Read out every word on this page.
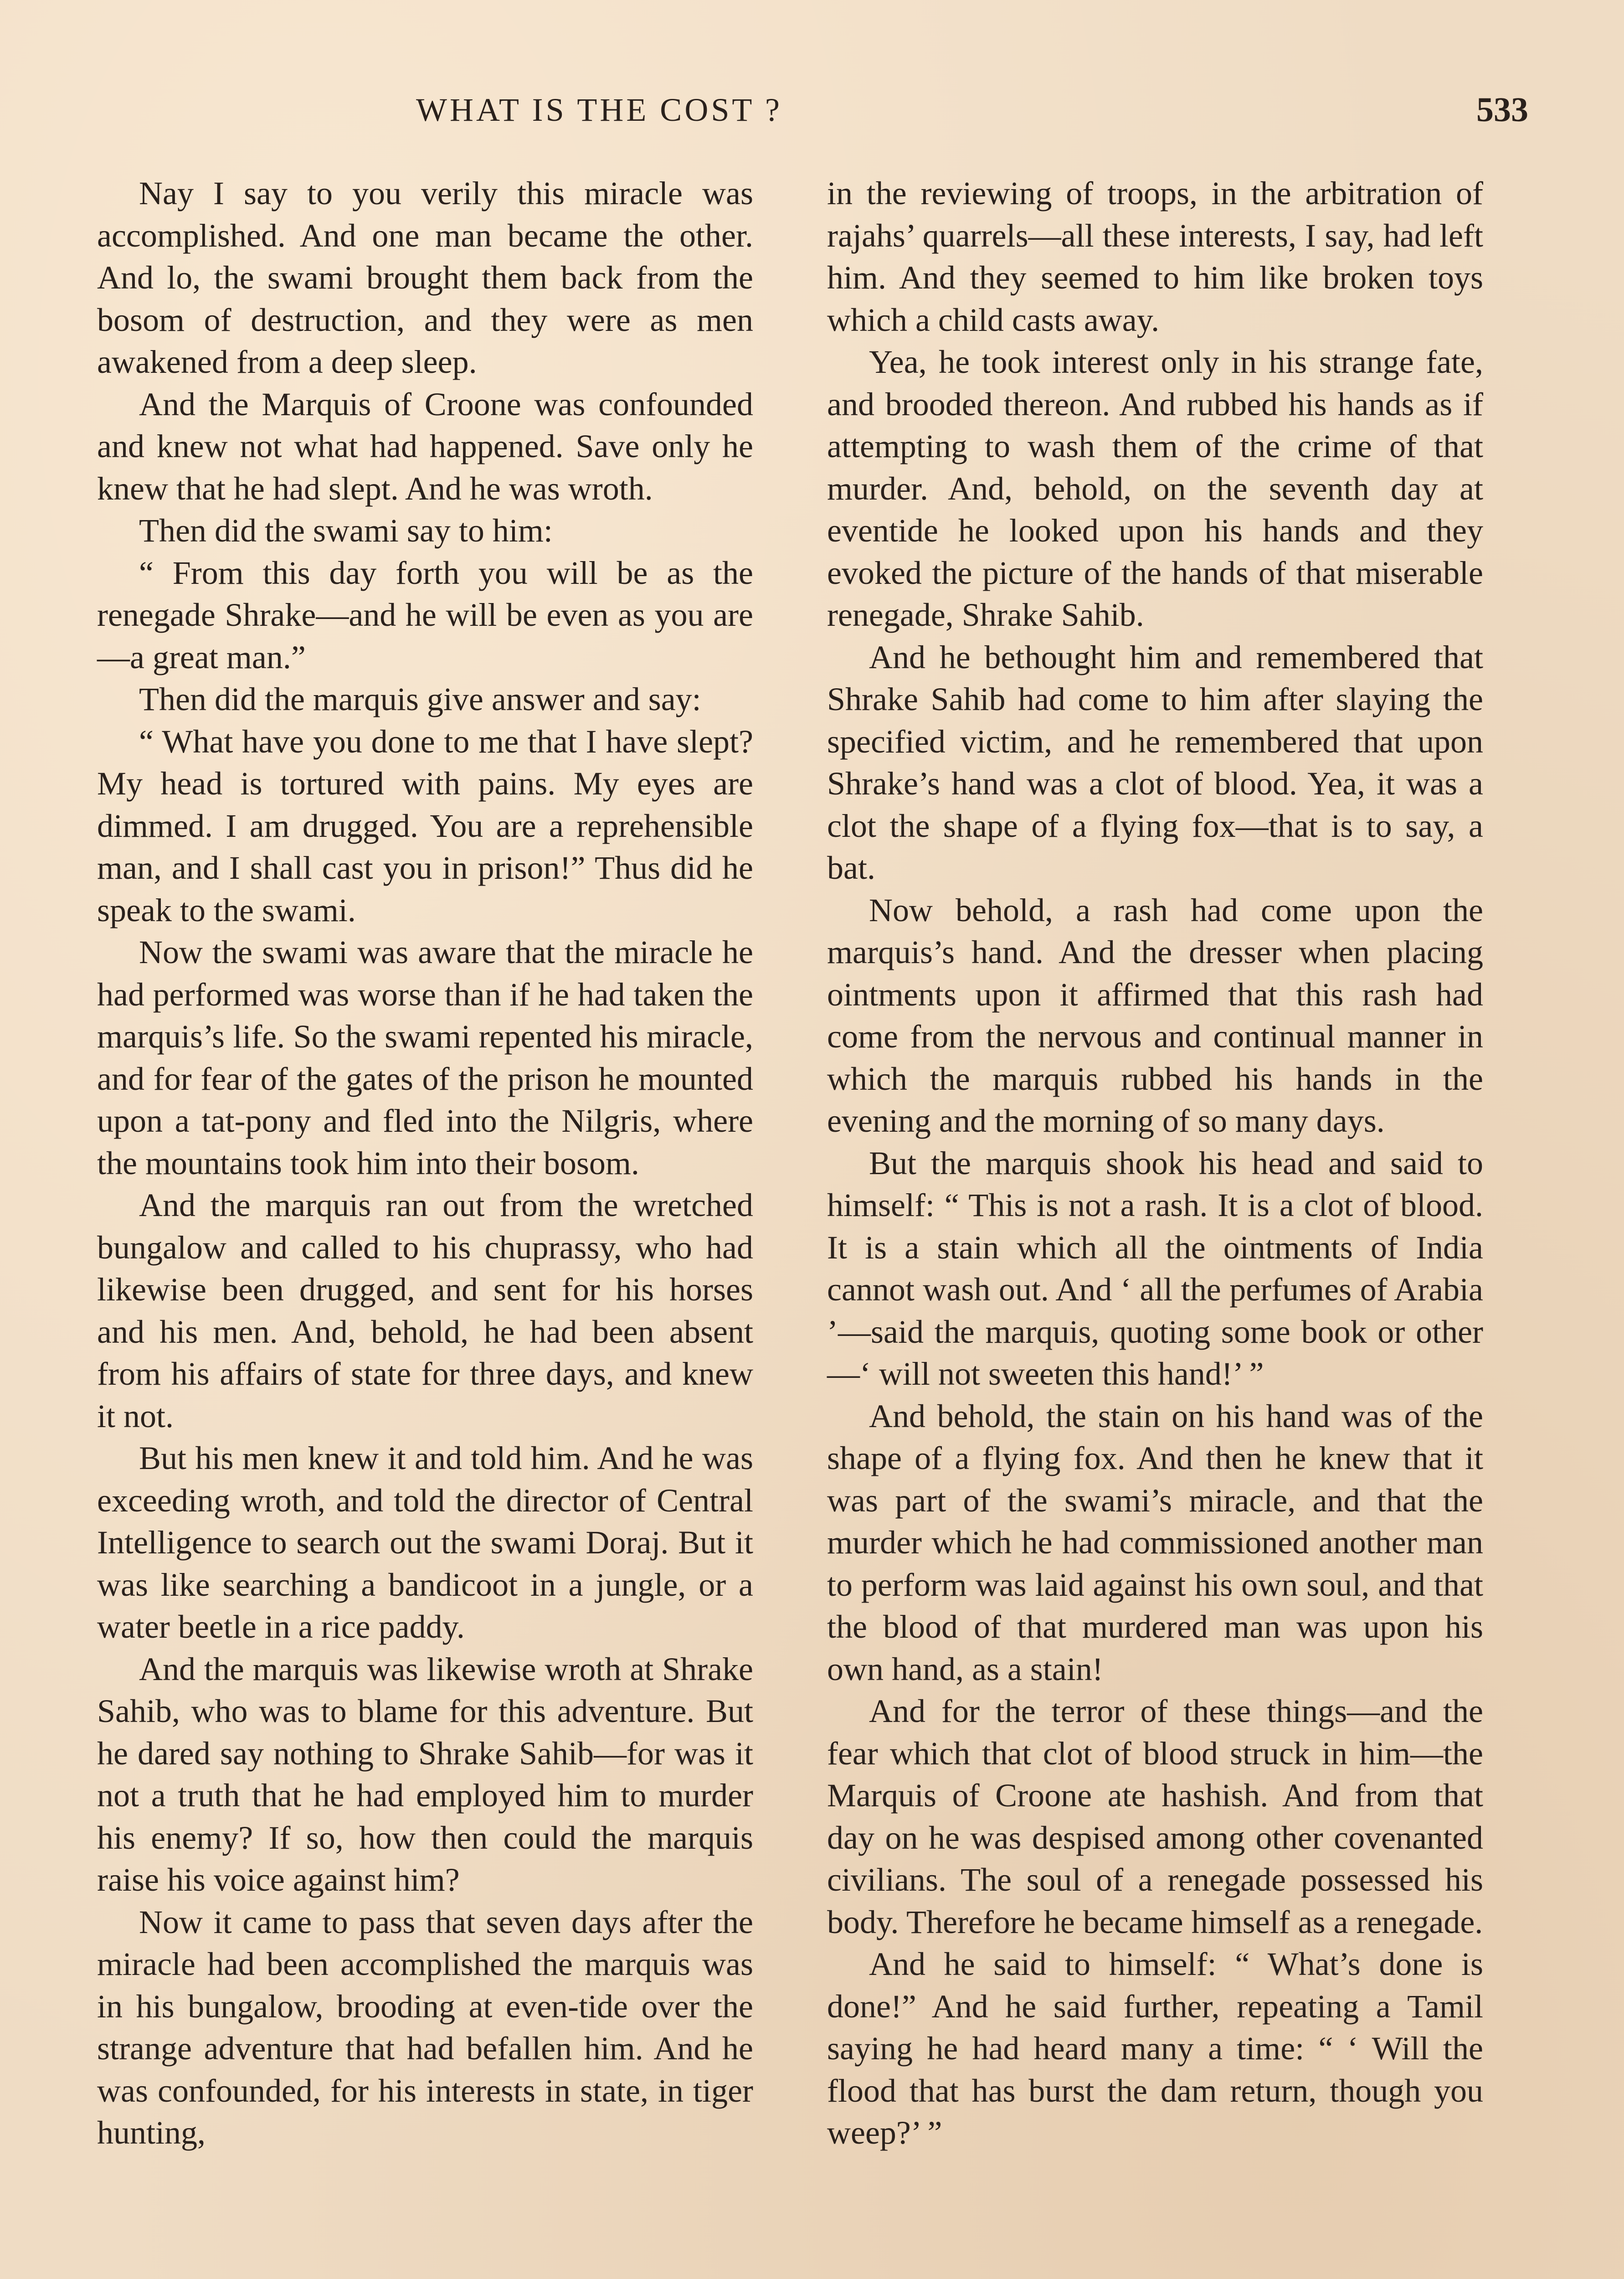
WHAT IS THE COST ?	533

Nay I say to you verily this miracle was accomplished. And one man became the other. And lo, the swami brought them back from the bosom of destruction, and they were as men awakened from a deep sleep.

And the Marquis of Croone was confounded and knew not what had happened. Save only he knew that he had slept. And he was wroth.

Then did the swami say to him:

“ From this day forth you will be as the renegade Shrake—and he will be even as you are—a great man.”

Then did the marquis give answer and say:

“ What have you done to me that I have slept? My head is tortured with pains. My eyes are dimmed. I am drugged. You are a reprehensible man, and I shall cast you in prison!” Thus did he speak to the swami.

Now the swami was aware that the miracle he had performed was worse than if he had taken the marquis’s life. So the swami repented his miracle, and for fear of the gates of the prison he mounted upon a tat-pony and fled into the Nilgris, where the mountains took him into their bosom.

And the marquis ran out from the wretched bungalow and called to his chuprassy, who had likewise been drugged, and sent for his horses and his men. And, behold, he had been absent from his affairs of state for three days, and knew it not.

But his men knew it and told him. And he was exceeding wroth, and told the director of Central Intelligence to search out the swami Doraj. But it was like searching a bandicoot in a jungle, or a water beetle in a rice paddy.

And the marquis was likewise wroth at Shrake Sahib, who was to blame for this adventure. But he dared say nothing to Shrake Sahib—for was it not a truth that he had employed him to murder his enemy? If so, how then could the marquis raise his voice against him?

Now it came to pass that seven days after the miracle had been accomplished the marquis was in his bungalow, brooding at even-tide over the strange adventure that had befallen him. And he was confounded, for his interests in state, in tiger hunting,

in the reviewing of troops, in the arbitration of rajahs’ quarrels—all these interests, I say, had left him. And they seemed to him like broken toys which a child casts away.

Yea, he took interest only in his strange fate, and brooded thereon. And rubbed his hands as if attempting to wash them of the crime of that murder. And, behold, on the seventh day at eventide he looked upon his hands and they evoked the picture of the hands of that miserable renegade, Shrake Sahib.

And he bethought him and remembered that Shrake Sahib had come to him after slaying the specified victim, and he remembered that upon Shrake’s hand was a clot of blood. Yea, it was a clot the shape of a flying fox—that is to say, a bat.

Now behold, a rash had come upon the marquis’s hand. And the dresser when placing ointments upon it affirmed that this rash had come from the nervous and continual manner in which the marquis rubbed his hands in the evening and the morning of so many days.

But the marquis shook his head and said to himself: “ This is not a rash. It is a clot of blood. It is a stain which all the ointments of India cannot wash out. And ‘ all the perfumes of Arabia ’—said the marquis, quoting some book or other—‘ will not sweeten this hand!’ ”

And behold, the stain on his hand was of the shape of a flying fox. And then he knew that it was part of the swami’s miracle, and that the murder which he had commissioned another man to perform was laid against his own soul, and that the blood of that murdered man was upon his own hand, as a stain!

And for the terror of these things—and the fear which that clot of blood struck in him—the Marquis of Croone ate hashish. And from that day on he was despised among other covenanted civilians. The soul of a renegade possessed his body. Therefore he became himself as a renegade.

And he said to himself: “ What’s done is done!” And he said further, repeating a Tamil saying he had heard many a time: “ ‘ Will the flood that has burst the dam return, though you weep?’ ”
